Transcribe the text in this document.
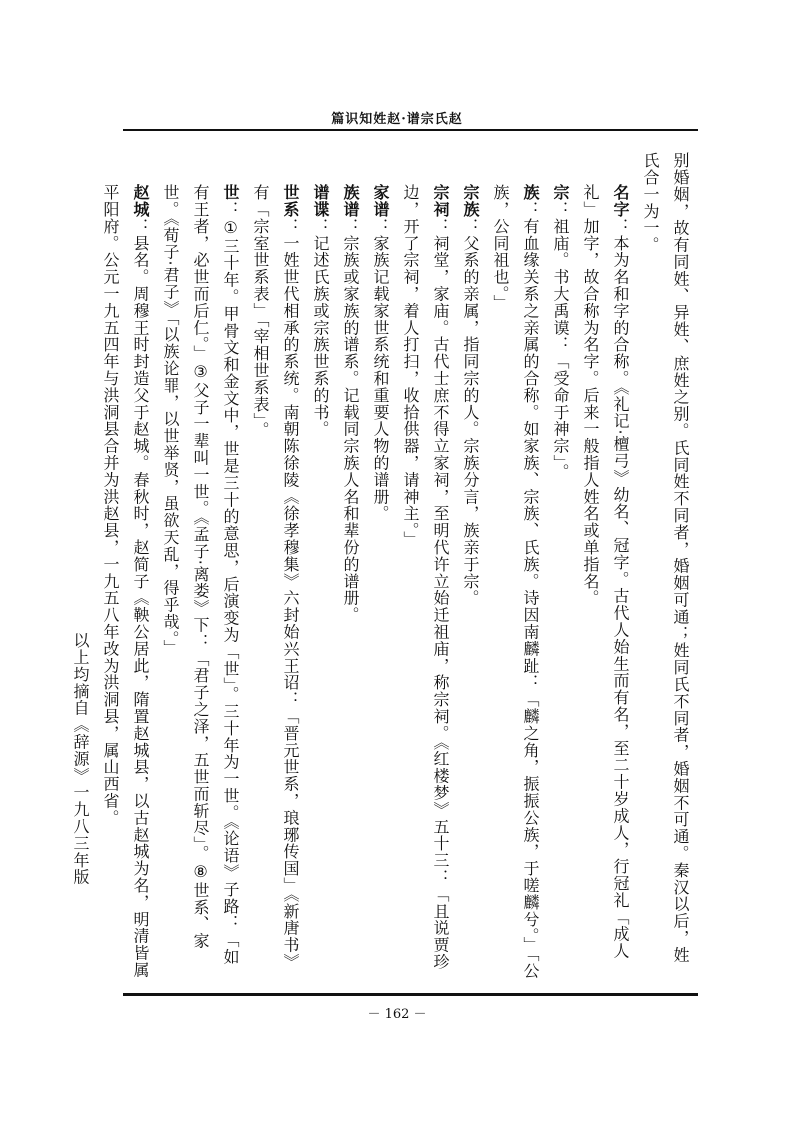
篇识知姓赵·谱宗氏赵

别婚姻，故有同姓、异姓、庶姓之别。氏同姓不同者，婚姻可通；姓同氏不同者，婚姻不可通。秦汉以后，姓氏合一为一。

名字：本为名和字的合称。《礼记·檀弓》幼名、冠字。古代人始生而有名，至二十岁成人，行冠礼「成人礼」加字，故合称为名字。后来一般指人姓名或单指名。

宗：祖庙。书大禹谟：「受命于神宗」。

族：有血缘关系之亲属的合称。如家族、宗族、氏族。诗因南麟趾：「麟之角，振振公族，于嗟麟兮。」「公族，公同祖也。」

宗族：父系的亲属，指同宗的人。宗族分言，族亲于宗。

宗祠：祠堂，家庙。古代士庶不得立家祠，至明代许立始迁祖庙，称宗祠。《红楼梦》五十三：「且说贾珍边，开了宗祠，着人打扫，收拾供器，请神主。」

家谱：家族记载家世系统和重要人物的谱册。

族谱：宗族或家族的谱系。记载同宗族人名和辈份的谱册。

谱谍：记述氏族或宗族世系的书。

世系：一姓世代相承的系统。南朝陈徐陵《徐孝穆集》六封始兴王诏：「晋元世系，琅琊传国」《新唐书》有「宗室世系表」「宰相世系表」。

世：①三十年。甲骨文和金文中，世是三十的意思，后演变为「世」。三十年为一世。《论语》子路：「如有王者，必世而后仁。」③父子一辈叫一世。《孟子·离娄》下：「君子之泽，五世而斩尽」。⑧世系、家世。《荀子·君子》「以族论罪，以世举贤，虽欲天乱，得乎哉。」

赵城：县名。周穆王时封造父于赵城。春秋时，赵简子《鞅公居此，隋置赵城县，以古赵城为名，明清皆属平阳府。公元一九五四年与洪洞县合并为洪赵县，一九五八年改为洪洞县，属山西省。

以上均摘自《辞源》一九八三年版

－ 162 －
